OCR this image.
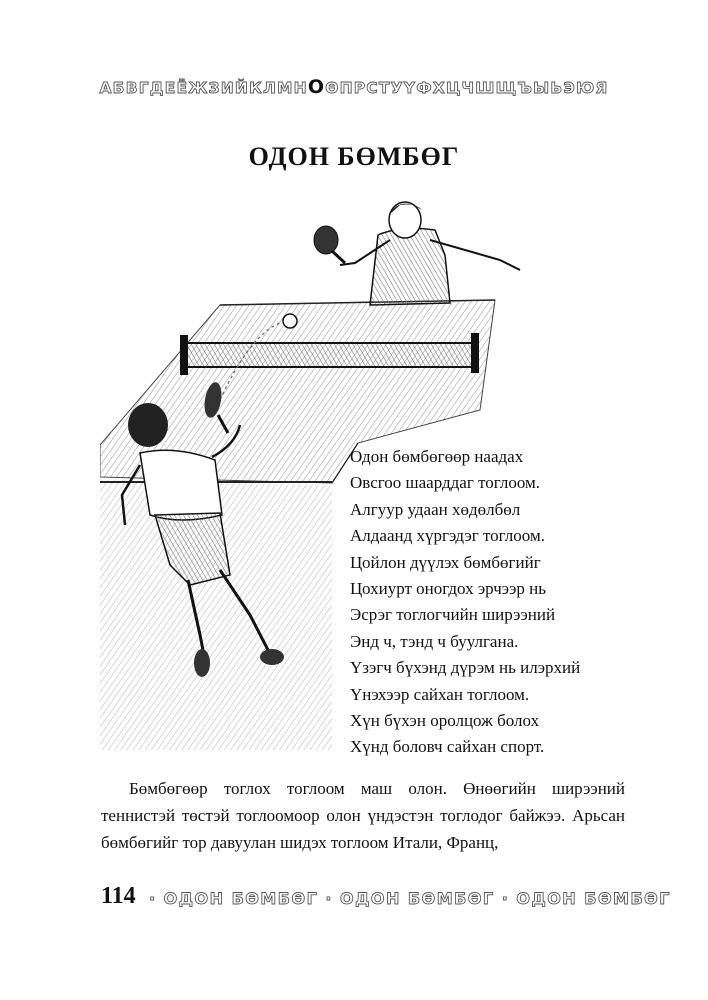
АБВГДЕЁЖЗИЙКЛМНОӨПРСТУҮФХЦЧШЩЪЫЬЭЮЯ
ОДОН БӨМБӨГ
Одон бөмбөгөөр наадах
Овсгоо шаарддаг тоглоом.
Алгуур удаан хөдөлбөл
Алдаанд хүргэдэг тоглоом.
Цойлон дүүлэх бөмбөгийг
Цохиурт оногдох эрчээр нь
Эсрэг тоглогчийн ширээний
Энд ч, тэнд ч буулгана.
Үзэгч бүхэнд дүрэм нь илэрхий
Үнэхээр сайхан тоглоом.
Хүн бүхэн оролцож болох
Хүнд боловч сайхан спорт.

Бөмбөгөөр тоглох тоглоом маш олон. Өнөөгийн ширээний теннистэй төстэй тоглоомоор олон үндэстэн тоглодог байжээ. Арьсан бөмбөгийг тор давуулан шидэх тоглоом Итали, Франц,

114 · ОДОН БӨМБӨГ · ОДОН БӨМБӨГ · ОДОН БӨМБӨГ
